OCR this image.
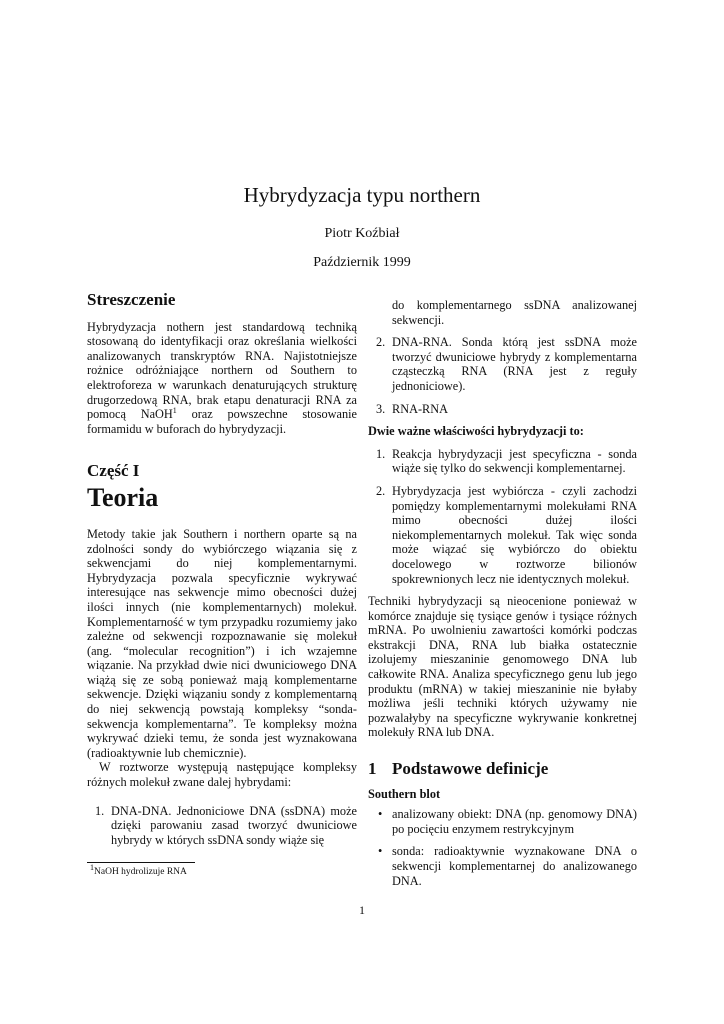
Hybrydyzacja typu northern
Piotr Koźbiał
Październik 1999
Streszczenie

Hybrydyzacja nothern jest standardową techniką stosowaną do identyfikacji oraz określania wielkości analizowanych transkryptów RNA. Najistotniejsze rożnice odróżniające northern od Southern to elektroforeza w warunkach denaturujących strukturę drugorzedową RNA, brak etapu denaturacji RNA za pomocą NaOH$^1$ oraz powszechne stosowanie formamidu w buforach do hybrydyzacji.

Część I
Teoria

Metody takie jak Southern i northern oparte są na zdolności sondy do wybiórczego wiązania się z sekwencjami do niej komplementarnymi. Hybrydyzacja pozwala specyficznie wykrywać interesujące nas sekwencje mimo obecności dużej ilości innych (nie komplementarnych) molekuł. Komplementarność w tym przypadku rozumiemy jako zależne od sekwencji rozpoznawanie się molekuł (ang. “molecular recognition”) i ich wzajemne wiązanie. Na przykład dwie nici dwuniciowego DNA wiążą się ze sobą ponieważ mają komplementarne sekwencje. Dzięki wiązaniu sondy z komplementarną do niej sekwencją powstają kompleksy “sonda-sekwencja komplementarna”. Te kompleksy można wykrywać dzieki temu, że sonda jest wyznakowana (radioaktywnie lub chemicznie).

W roztworze występują następujące kompleksy różnych molekuł zwane dalej hybrydami:

1. DNA-DNA. Jednoniciowe DNA (ssDNA) może dzięki parowaniu zasad tworzyć dwuniciowe hybrydy w których ssDNA sondy wiąże się
do komplementarnego ssDNA analizowanej sekwencji.
2. DNA-RNA. Sonda którą jest ssDNA może tworzyć dwuniciowe hybrydy z komplementarna cząsteczką RNA (RNA jest z reguły jednoniciowe).
3. RNA-RNA
Dwie ważne właściwości hybrydyzacji to:
1. Reakcja hybrydyzacji jest specyficzna - sonda wiąże się tylko do sekwencji komplementarnej.
2. Hybrydyzacja jest wybiórcza - czyli zachodzi pomiędzy komplementarnymi molekułami RNA mimo obecności dużej ilości niekomplementarnych molekuł. Tak więc sonda może wiązać się wybiórczo do obiektu docelowego w roztworze bilionów spokrewnionych lecz nie identycznych molekuł.

Techniki hybrydyzacji są nieocenione ponieważ w komórce znajduje się tysiące genów i tysiące różnych mRNA. Po uwolnieniu zawartości komórki podczas ekstrakcji DNA, RNA lub białka ostatecznie izolujemy mieszaninie genomowego DNA lub całkowite RNA. Analiza specyficznego genu lub jego produktu (mRNA) w takiej mieszaninie nie byłaby możliwa jeśli techniki których używamy nie pozwalałyby na specyficzne wykrywanie konkretnej molekuły RNA lub DNA.

1 Podstawowe definicje
Southern blot
• analizowany obiekt: DNA (np. genomowy DNA) po pocięciu enzymem restrykcyjnym
• sonda: radioaktywnie wyznakowane DNA o sekwencji komplementarnej do analizowanego DNA.
$^1$NaOH hydrolizuje RNA
1
